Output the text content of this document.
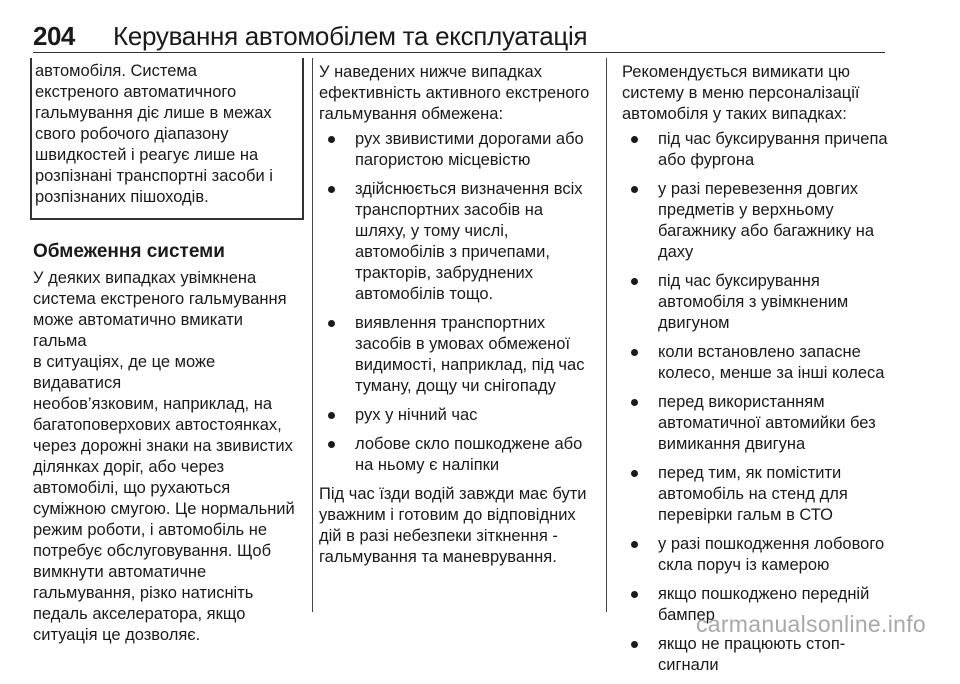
204 Керування автомобілем та експлуатація

автомобіля. Система
екстреного автоматичного
гальмування діє лише в межах
свого робочого діапазону
швидкостей і реагує лише на
розпізнані транспортні засоби і
розпізнаних пішоходів.

Обмеження системи

У деяких випадках увімкнена
система екстреного гальмування
може автоматично вмикати гальма
в ситуаціях, де це може видаватися
необов’язковим, наприклад, на
багатоповерхових автостоянках,
через дорожні знаки на звивистих
ділянках доріг, або через
автомобілі, що рухаються
суміжною смугою. Це нормальний
режим роботи, і автомобіль не
потребує обслуговування. Щоб
вимкнути автоматичне
гальмування, різко натисніть
педаль акселератора, якщо
ситуація це дозволяє.

У наведених нижче випадках
ефективність активного екстреного
гальмування обмежена:

рух звивистими дорогами або
пагористою місцевістю
здійснюється визначення всіх
транспортних засобів на
шляху, у тому числі,
автомобілів з причепами,
тракторів, забруднених
автомобілів тощо.
виявлення транспортних
засобів в умовах обмеженої
видимості, наприклад, під час
туману, дощу чи снігопаду
рух у нічний час
лобове скло пошкоджене або
на ньому є наліпки

Під час їзди водій завжди має бути
уважним і готовим до відповідних
дій в разі небезпеки зіткнення -
гальмування та маневрування.

Рекомендується вимикати цю
систему в меню персоналізації
автомобіля у таких випадках:

під час буксирування причепа
або фургона
у разі перевезення довгих
предметів у верхньому
багажнику або багажнику на
даху
під час буксирування
автомобіля з увімкненим
двигуном
коли встановлено запасне
колесо, менше за інші колеса
перед використанням
автоматичної автомийки без
вимикання двигуна
перед тим, як помістити
автомобіль на стенд для
перевірки гальм в СТО
у разі пошкодження лобового
скла поруч із камерою
якщо пошкоджено передній
бампер
якщо не працюють стоп-
сигнали
carmanualsonline.info
